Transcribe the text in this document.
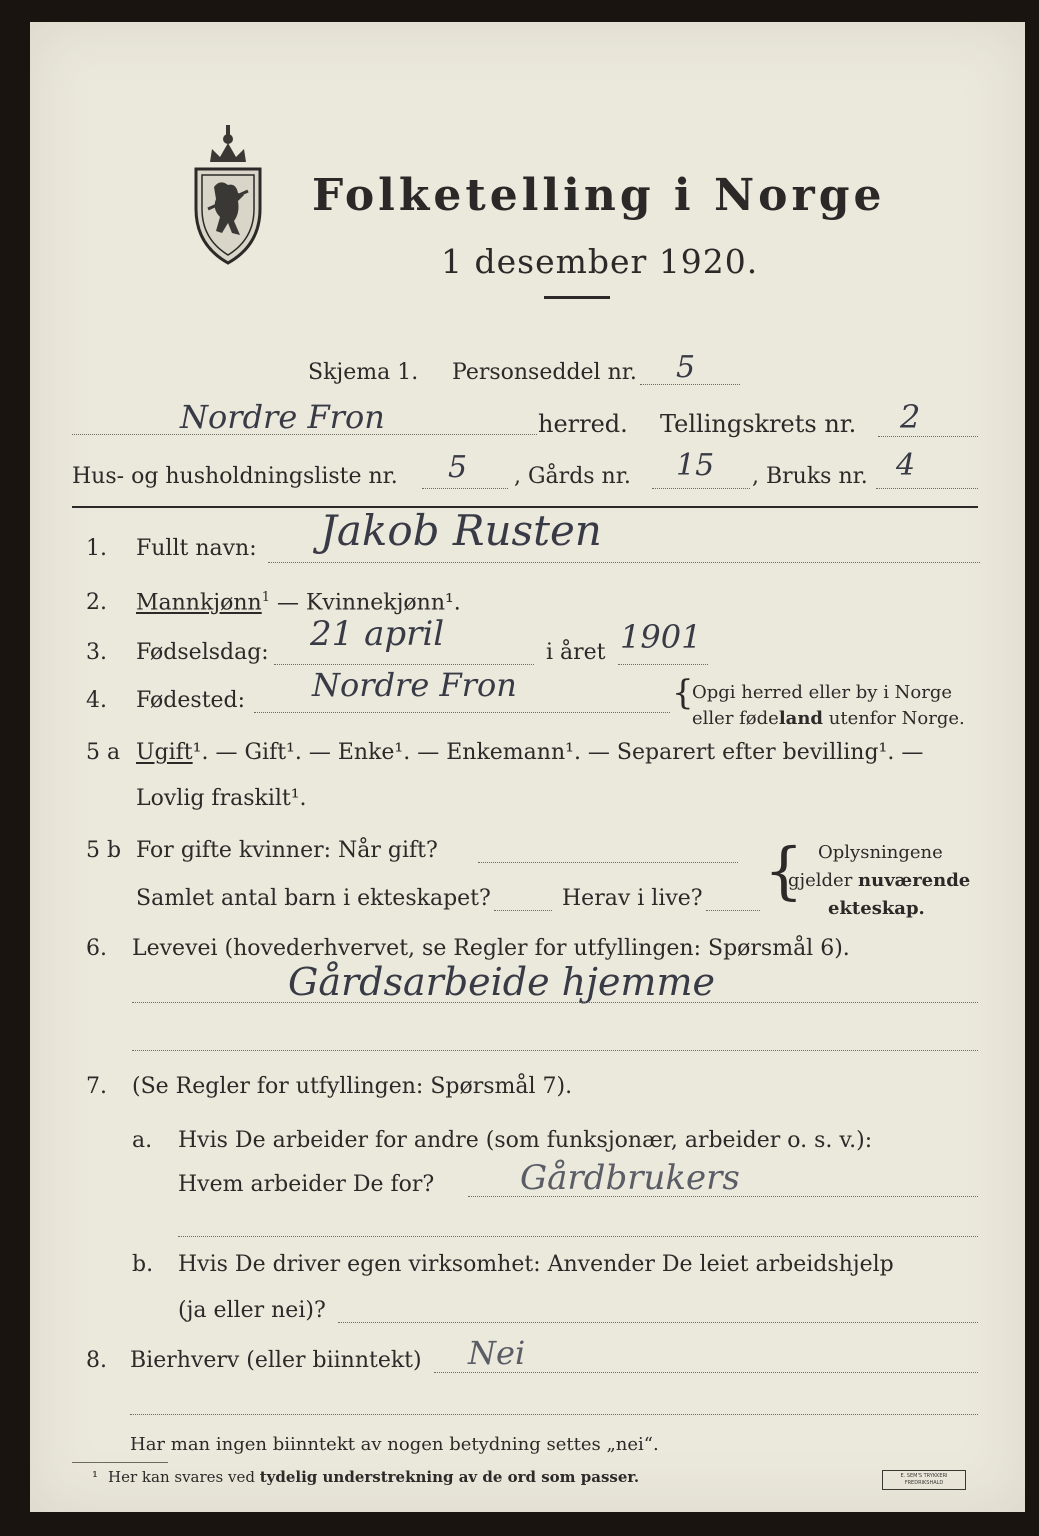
Folketelling i Norge
1 desember 1920.
Skjema 1. Personseddel nr. 5
Nordre Fron	herred. Tellingskrets nr. 2
Hus- og husholdningsliste nr. 5 , Gårds nr. 15 , Bruks nr. 4
1. Fullt navn: Jakob Rusten
2. Mannkjønn$^1$ — Kvinnekjønn¹.
3. Fødselsdag: 21 april	i året 1901
4. Fødested: Nordre Fron	{
Opgi herred eller by i Norge
eller fødeland utenfor Norge.
5 a Ugift¹. — Gift¹. — Enke¹. — Enkemann¹. — Separert efter bevilling¹. —
Lovlig fraskilt¹.
5 b For gifte kvinner: Når gift?
Samlet antal barn i ekteskapet?	Herav i live? { Oplysningene
gjelder nuværende
ekteskap.
6. Levevei (hovederhvervet, se Regler for utfyllingen: Spørsmål 6).
Gårdsarbeide hjemme
7. (Se Regler for utfyllingen: Spørsmål 7).
a. Hvis De arbeider for andre (som funksjonær, arbeider o. s. v.):
Hvem arbeider De for?	Gårdbrukers
b. Hvis De driver egen virksomhet: Anvender De leiet arbeidshjelp
(ja eller nei)?
8. Bierhverv (eller biinntekt) Nei
Har man ingen biinntekt av nogen betydning settes „nei“.
¹ Her kan svares ved tydelig understrekning av de ord som passer.	E. SEM'S TRYKKERI FREDRIKSHALD
